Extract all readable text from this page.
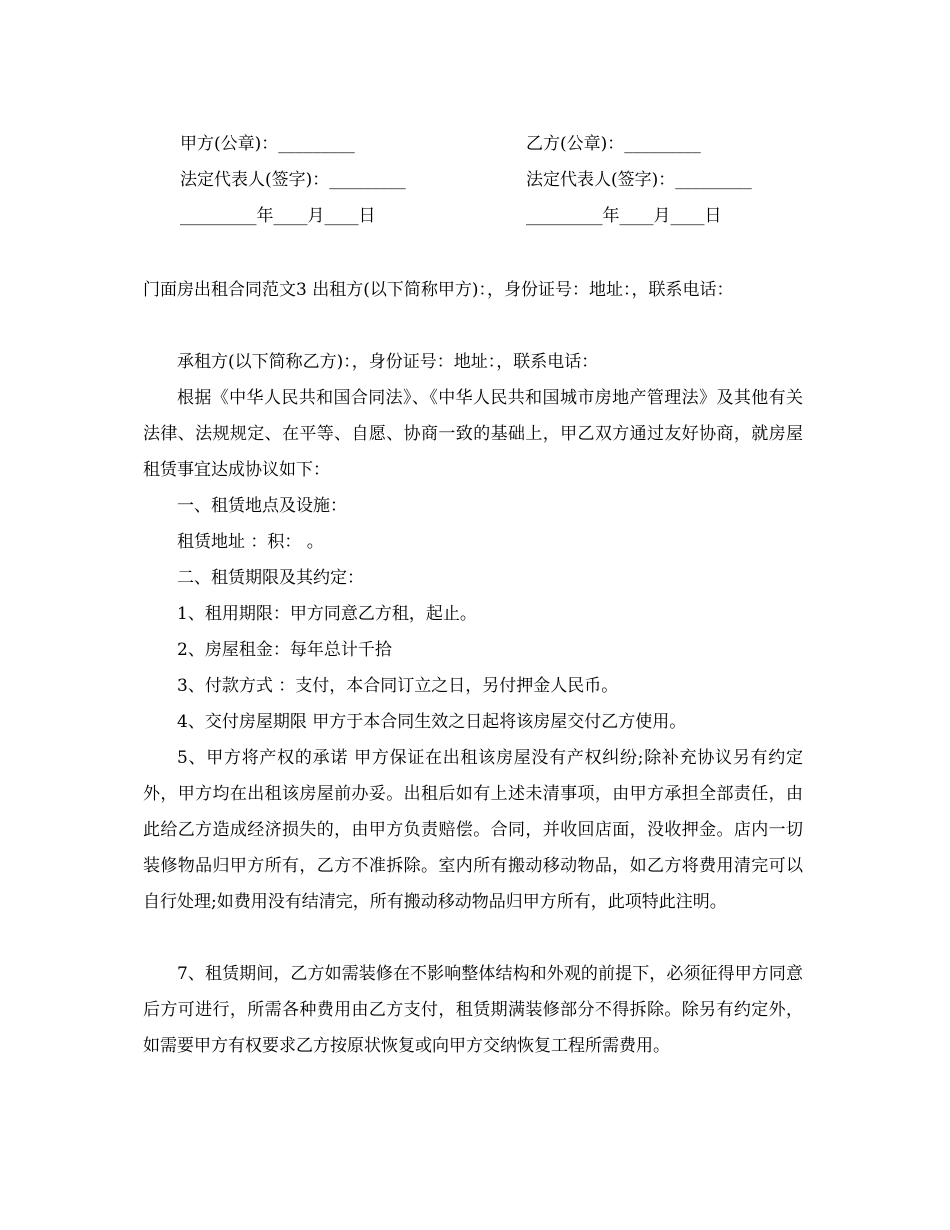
甲方(公章)：_________	乙方(公章)：_________
法定代表人(签字)：_________	法定代表人(签字)：_________
_________年____月____日	_________年____月____日
门面房出租合同范文3 出租方(以下简称甲方)：，身份证号：地址：，联系电话：
承租方(以下简称乙方)：，身份证号：地址：，联系电话：
根据《中华人民共和国合同法》、《中华人民共和国城市房地产管理法》及其他有关法律、法规规定、在平等、自愿、协商一致的基础上，甲乙双方通过友好协商，就房屋租赁事宜达成协议如下：
一、租赁地点及设施：
租赁地址 ：积： 。
二、租赁期限及其约定：
1、租用期限：甲方同意乙方租，起止。
2、房屋租金：每年总计千拾
3、付款方式 ：支付，本合同订立之日，另付押金人民币。
4、交付房屋期限 甲方于本合同生效之日起将该房屋交付乙方使用。
5、甲方将产权的承诺 甲方保证在出租该房屋没有产权纠纷;除补充协议另有约定外，甲方均在出租该房屋前办妥。出租后如有上述未清事项，由甲方承担全部责任，由此给乙方造成经济损失的，由甲方负责赔偿。合同，并收回店面，没收押金。店内一切装修物品归甲方所有，乙方不准拆除。室内所有搬动移动物品，如乙方将费用清完可以自行处理;如费用没有结清完，所有搬动移动物品归甲方所有，此项特此注明。
7、租赁期间，乙方如需装修在不影响整体结构和外观的前提下，必须征得甲方同意后方可进行，所需各种费用由乙方支付，租赁期满装修部分不得拆除。除另有约定外，如需要甲方有权要求乙方按原状恢复或向甲方交纳恢复工程所需费用。
